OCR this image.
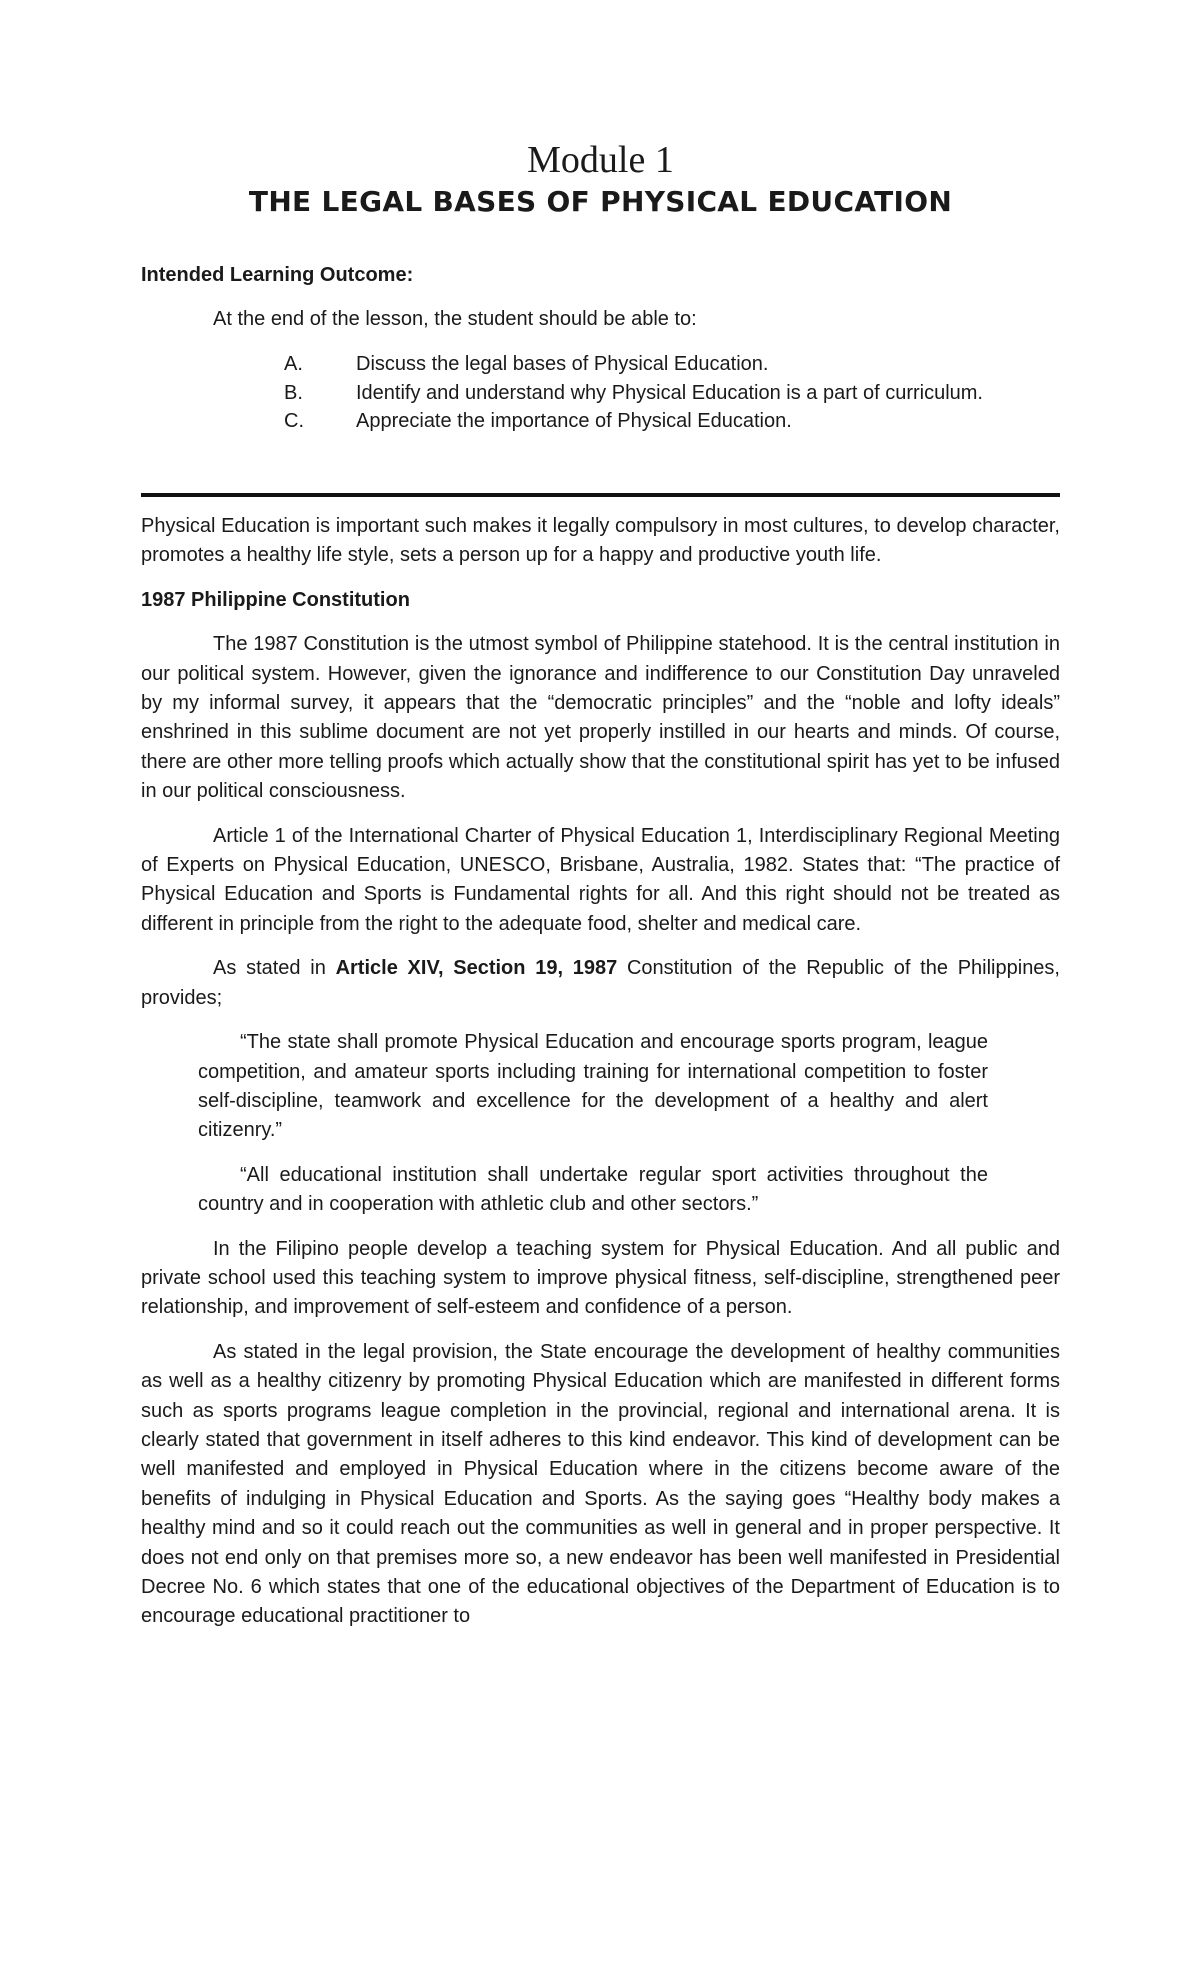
Module 1
THE LEGAL BASES OF PHYSICAL EDUCATION

Intended Learning Outcome:

At the end of the lesson, the student should be able to:

A.	Discuss the legal bases of Physical Education.
B.	Identify and understand why Physical Education is a part of curriculum.
C.	Appreciate the importance of Physical Education.

Physical Education is important such makes it legally compulsory in most cultures, to develop character, promotes a healthy life style, sets a person up for a happy and productive youth life.

1987 Philippine Constitution

The 1987 Constitution is the utmost symbol of Philippine statehood. It is the central institution in our political system. However, given the ignorance and indifference to our Constitution Day unraveled by my informal survey, it appears that the “democratic principles” and the “noble and lofty ideals” enshrined in this sublime document are not yet properly instilled in our hearts and minds. Of course, there are other more telling proofs which actually show that the constitutional spirit has yet to be infused in our political consciousness.

Article 1 of the International Charter of Physical Education 1, Interdisciplinary Regional Meeting of Experts on Physical Education, UNESCO, Brisbane, Australia, 1982. States that: “The practice of Physical Education and Sports is Fundamental rights for all. And this right should not be treated as different in principle from the right to the adequate food, shelter and medical care.

As stated in Article XIV, Section 19, 1987 Constitution of the Republic of the Philippines, provides;

“The state shall promote Physical Education and encourage sports program, league competition, and amateur sports including training for international competition to foster self-discipline, teamwork and excellence for the development of a healthy and alert citizenry.”
“All educational institution shall undertake regular sport activities throughout the country and in cooperation with athletic club and other sectors.”

In the Filipino people develop a teaching system for Physical Education. And all public and private school used this teaching system to improve physical fitness, self-discipline, strengthened peer relationship, and improvement of self-esteem and confidence of a person.

As stated in the legal provision, the State encourage the development of healthy communities as well as a healthy citizenry by promoting Physical Education which are manifested in different forms such as sports programs league completion in the provincial, regional and international arena. It is clearly stated that government in itself adheres to this kind endeavor. This kind of development can be well manifested and employed in Physical Education where in the citizens become aware of the benefits of indulging in Physical Education and Sports. As the saying goes “Healthy body makes a healthy mind and so it could reach out the communities as well in general and in proper perspective. It does not end only on that premises more so, a new endeavor has been well manifested in Presidential Decree No. 6 which states that one of the educational objectives of the Department of Education is to encourage educational practitioner to
